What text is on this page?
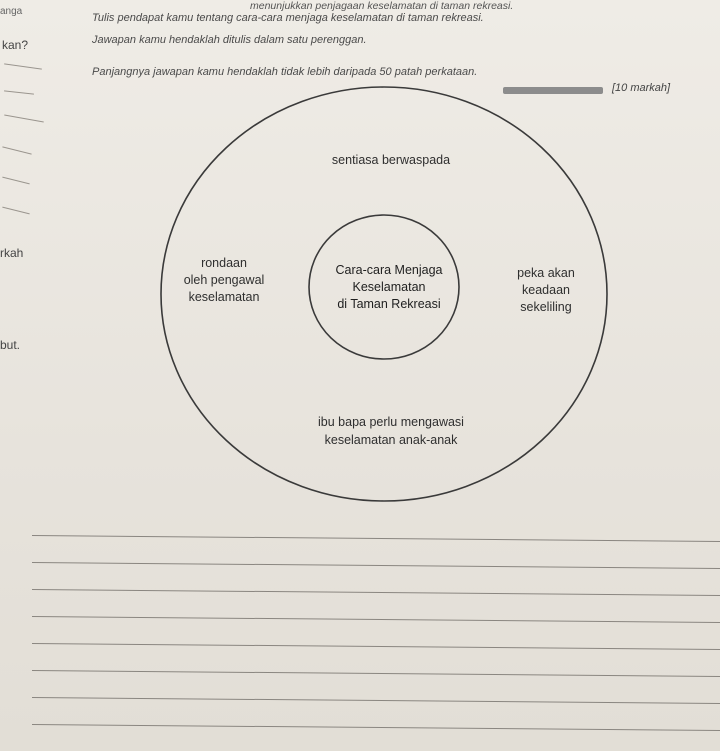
anga	menunjukkan penjagaan keselamatan di taman rekreasi.
Tulis pendapat kamu tentang cara-cara menjaga keselamatan di taman rekreasi.
Jawapan kamu hendaklah ditulis dalam satu perenggan.
Panjangnya jawapan kamu hendaklah tidak lebih daripada 50 patah perkataan.
[10 markah]
kan?
rkah
but.
sentiasa berwaspada
rondaan
oleh pengawal
keselamatan
Cara-cara Menjaga
Keselamatan
di Taman Rekreasi
peka akan
keadaan
sekeliling
ibu bapa perlu mengawasi
keselamatan anak-anak
